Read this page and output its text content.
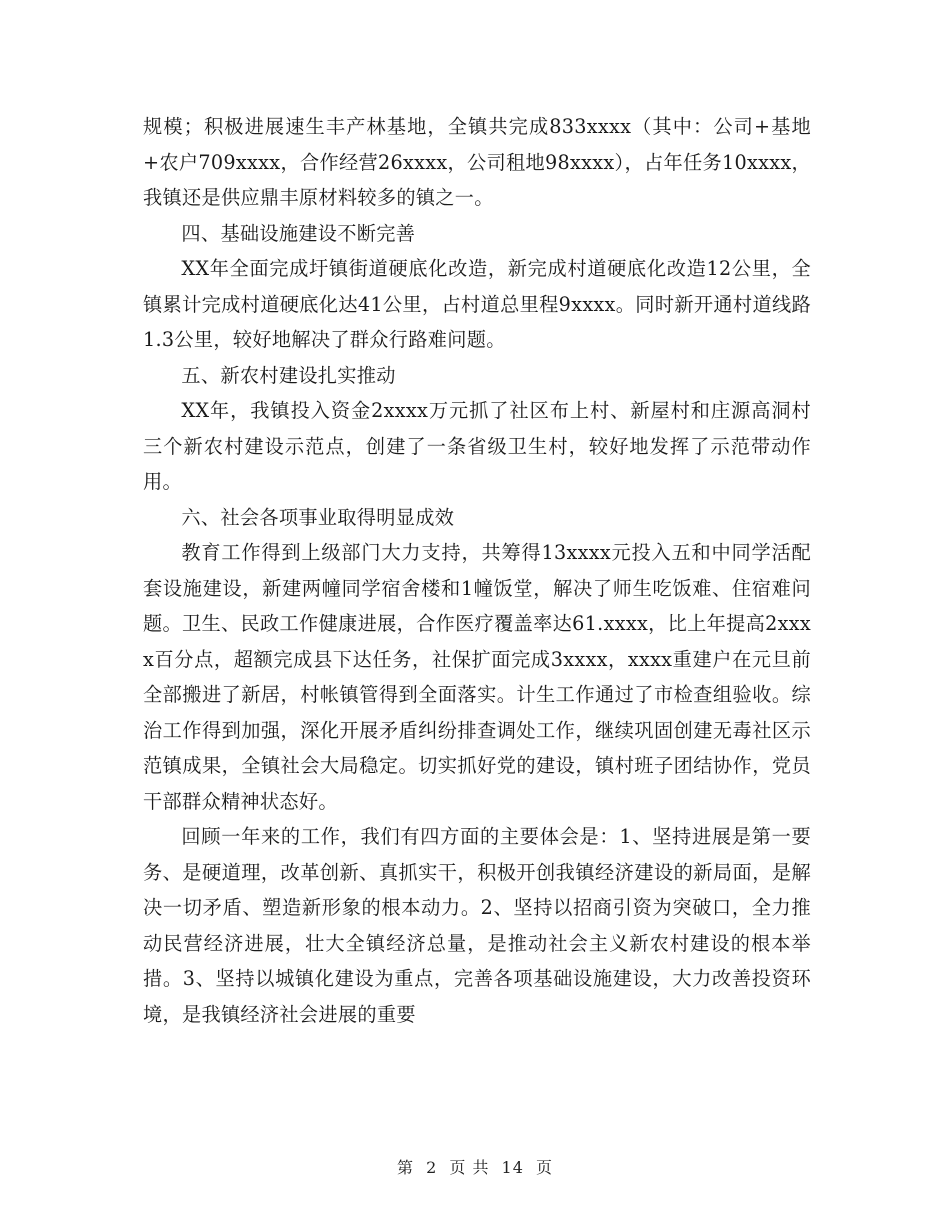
规模；积极进展速生丰产林基地，全镇共完成833xxxx（其中：公司+基地+农户709xxxx，合作经营26xxxx，公司租地98xxxx），占年任务10xxxx，我镇还是供应鼎丰原材料较多的镇之一。

四、基础设施建设不断完善

XX年全面完成圩镇街道硬底化改造，新完成村道硬底化改造12公里，全镇累计完成村道硬底化达41公里，占村道总里程9xxxx。同时新开通村道线路1.3公里，较好地解决了群众行路难问题。

五、新农村建设扎实推动

XX年，我镇投入资金2xxxx万元抓了社区布上村、新屋村和庄源高洞村三个新农村建设示范点，创建了一条省级卫生村，较好地发挥了示范带动作用。

六、社会各项事业取得明显成效

教育工作得到上级部门大力支持，共筹得13xxxx元投入五和中同学活配套设施建设，新建两幢同学宿舍楼和1幢饭堂，解决了师生吃饭难、住宿难问题。卫生、民政工作健康进展，合作医疗覆盖率达61.xxxx，比上年提高2xxxx百分点，超额完成县下达任务，社保扩面完成3xxxx，xxxx重建户在元旦前全部搬进了新居，村帐镇管得到全面落实。计生工作通过了市检查组验收。综治工作得到加强，深化开展矛盾纠纷排查调处工作，继续巩固创建无毒社区示范镇成果，全镇社会大局稳定。切实抓好党的建设，镇村班子团结协作，党员干部群众精神状态好。

回顾一年来的工作，我们有四方面的主要体会是：1、坚持进展是第一要务、是硬道理，改革创新、真抓实干，积极开创我镇经济建设的新局面，是解决一切矛盾、塑造新形象的根本动力。2、坚持以招商引资为突破口，全力推动民营经济进展，壮大全镇经济总量，是推动社会主义新农村建设的根本举措。3、坚持以城镇化建设为重点，完善各项基础设施建设，大力改善投资环境，是我镇经济社会进展的重要

第 2 页 共 14 页
